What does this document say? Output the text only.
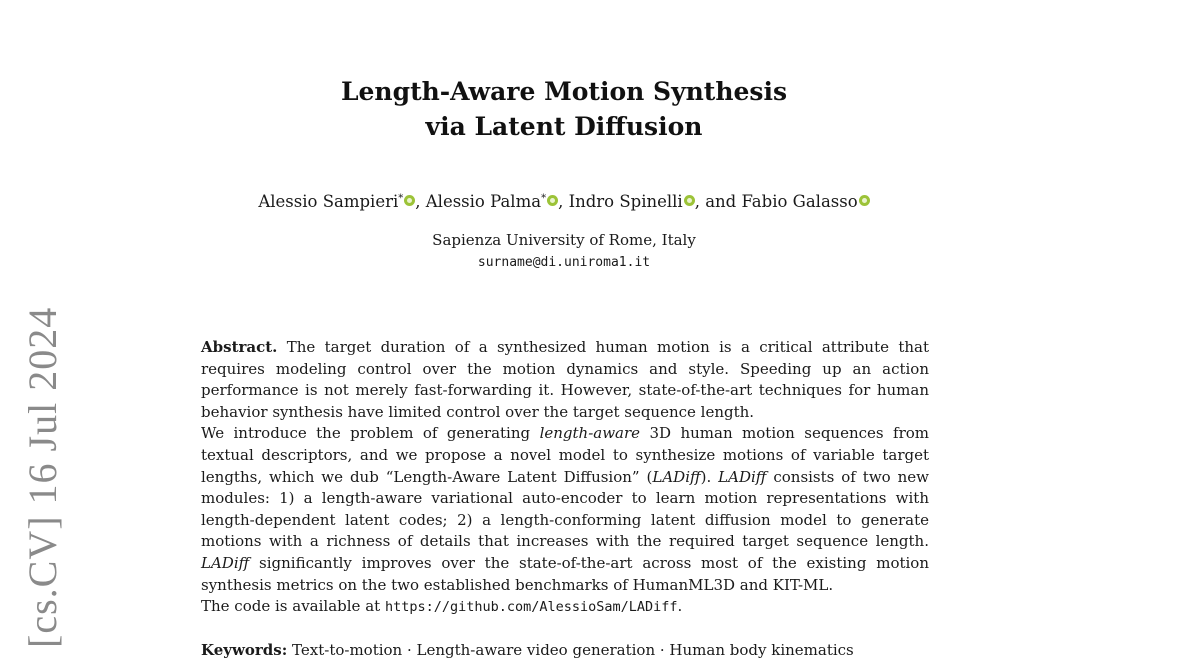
[cs.CV] 16 Jul 2024
Length-Aware Motion Synthesis
via Latent Diffusion
Alessio Sampieri* , Alessio Palma* , Indro Spinelli , and Fabio Galasso
Sapienza University of Rome, Italy
surname@di.uniroma1.it

Abstract. The target duration of a synthesized human motion is a critical attribute that requires modeling control over the motion dynamics and style. Speeding up an action performance is not merely fast-forwarding it. However, state-of-the-art techniques for human behavior synthesis have limited control over the target sequence length.

We introduce the problem of generating length-aware 3D human motion sequences from textual descriptors, and we propose a novel model to synthesize motions of variable target lengths, which we dub “Length-Aware Latent Diffusion” (LADiff). LADiff consists of two new modules: 1) a length-aware variational auto-encoder to learn motion representations with length-dependent latent codes; 2) a length-conforming latent diffusion model to generate motions with a richness of details that increases with the required target sequence length. LADiff significantly improves over the state-of-the-art across most of the existing motion synthesis metrics on the two established benchmarks of HumanML3D and KIT-ML.

The code is available at https://github.com/AlessioSam/LADiff.

Keywords: Text-to-motion · Length-aware video generation · Human body kinematics
